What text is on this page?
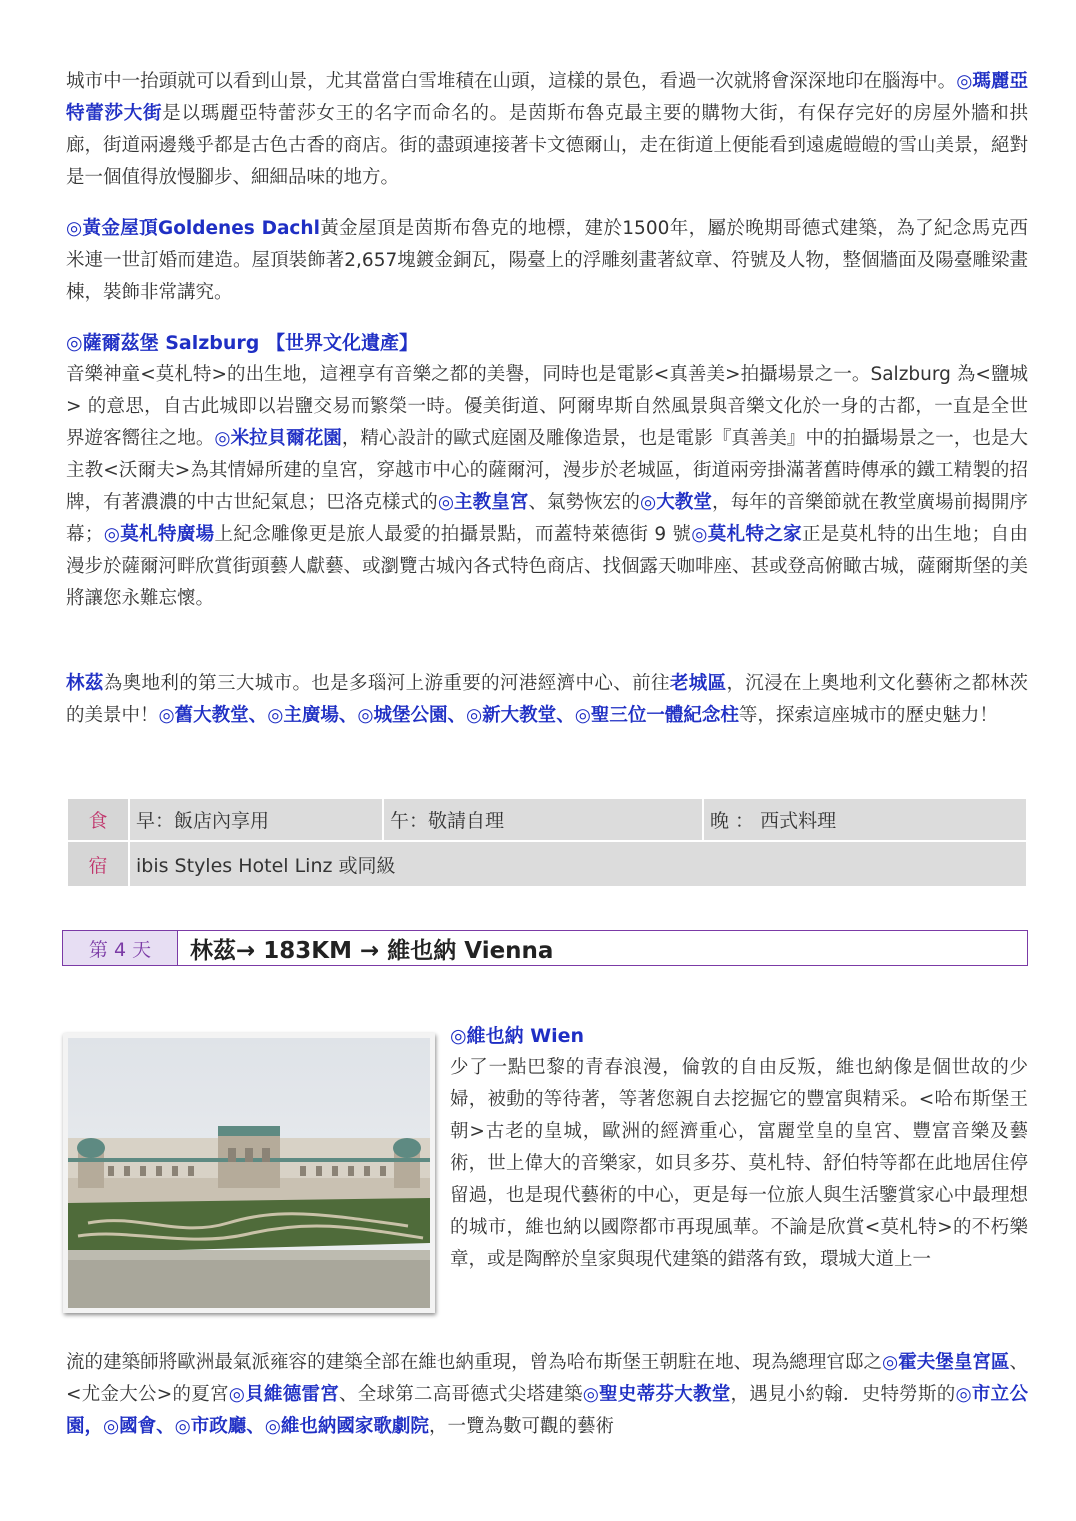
城市中一抬頭就可以看到山景，尤其當當白雪堆積在山頭，這樣的景色，看過一次就將會深深地印在腦海中。◎瑪麗亞特蕾莎大街是以瑪麗亞特蕾莎女王的名字而命名的。是茵斯布魯克最主要的購物大街，有保存完好的房屋外牆和拱廊，街道兩邊幾乎都是古色古香的商店。街的盡頭連接著卡文德爾山，走在街道上便能看到遠處皚皚的雪山美景，絕對是一個值得放慢腳步、細細品味的地方。

◎黃金屋頂Goldenes Dachl黃金屋頂是茵斯布魯克的地標，建於1500年，屬於晚期哥德式建築，為了紀念馬克西米連一世訂婚而建造。屋頂裝飾著2,657塊鍍金銅瓦，陽臺上的浮雕刻畫著紋章、符號及人物，整個牆面及陽臺雕梁畫棟，裝飾非常講究。

◎薩爾茲堡 Salzburg 【世界文化遺產】
音樂神童<莫札特>的出生地，這裡享有音樂之都的美譽，同時也是電影<真善美>拍攝場景之一。Salzburg 為<鹽城> 的意思，自古此城即以岩鹽交易而繁榮一時。優美街道、阿爾卑斯自然風景與音樂文化於一身的古都，一直是全世界遊客嚮往之地。◎米拉貝爾花園，精心設計的歐式庭園及雕像造景，也是電影『真善美』中的拍攝場景之一，也是大主教<沃爾夫>為其情婦所建的皇宮，穿越市中心的薩爾河，漫步於老城區，街道兩旁掛滿著舊時傳承的鐵工精製的招牌，有著濃濃的中古世紀氣息；巴洛克樣式的◎主教皇宮、氣勢恢宏的◎大教堂，每年的音樂節就在教堂廣場前揭開序幕；◎莫札特廣場上紀念雕像更是旅人最愛的拍攝景點，而蓋特萊德街 9 號◎莫札特之家正是莫札特的出生地；自由漫步於薩爾河畔欣賞街頭藝人獻藝、或瀏覽古城內各式特色商店、找個露天咖啡座、甚或登高俯瞰古城，薩爾斯堡的美將讓您永難忘懷。

林茲為奧地利的第三大城市。也是多瑙河上游重要的河港經濟中心、前往老城區，沉浸在上奧地利文化藝術之都林茨的美景中！◎舊大教堂、◎主廣場、◎城堡公園、◎新大教堂、◎聖三位一體紀念柱等，探索這座城市的歷史魅力！

食	早：飯店內享用	午：敬請自理	晚 ： 西式料理
宿	ibis Styles Hotel Linz 或同級		
第 4 天	林茲→ 183KM → 維也納 Vienna
◎維也納 Wien

少了一點巴黎的青春浪漫，倫敦的自由反叛，維也納像是個世故的少婦，被動的等待著，等著您親自去挖掘它的豐富與精采。<哈布斯堡王朝>古老的皇城，歐洲的經濟重心，富麗堂皇的皇宮、豐富音樂及藝術，世上偉大的音樂家，如貝多芬、莫札特、舒伯特等都在此地居住停留過，也是現代藝術的中心，更是每一位旅人與生活鑒賞家心中最理想的城市，維也納以國際都市再現風華。不論是欣賞<莫札特>的不朽樂章，或是陶醉於皇家與現代建築的錯落有致，環城大道上一

流的建築師將歐洲最氣派雍容的建築全部在維也納重現，曾為哈布斯堡王朝駐在地、現為總理官邸之◎霍夫堡皇宮區、<尤金大公>的夏宮◎貝維德雷宮、全球第二高哥德式尖塔建築◎聖史蒂芬大教堂，遇見小約翰．史特勞斯的◎市立公園，◎國會、◎市政廳、◎維也納國家歌劇院，一覽為數可觀的藝術
